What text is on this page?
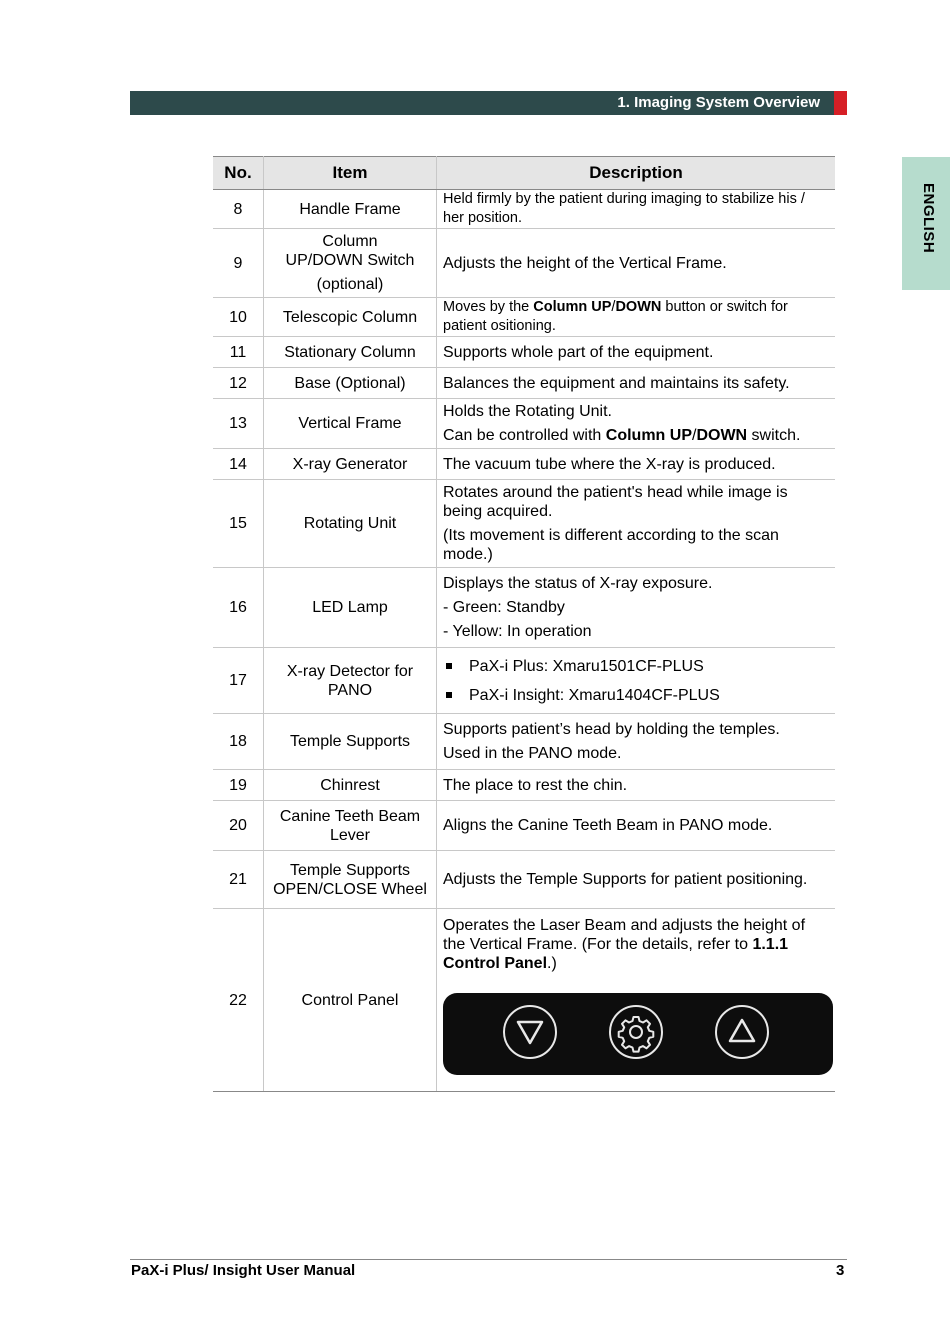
1. Imaging System Overview
ENGLISH
No.	Item	Description
8	Handle Frame	Held firmly by the patient during imaging to stabilize his / her position.
9	Column
UP/DOWN Switch
(optional)	Adjusts the height of the Vertical Frame.
10	Telescopic Column	Moves by the Column UP/DOWN button or switch for patient ositioning.
11	Stationary Column	Supports whole part of the equipment.
12	Base (Optional)	Balances the equipment and maintains its safety.
13	Vertical Frame	Holds the Rotating Unit.
Can be controlled with Column UP/DOWN switch.

14	X-ray Generator	The vacuum tube where the X-ray is produced.
15	Rotating Unit	Rotates around the patient's head while image is being acquired.
(Its movement is different according to the scan mode.)

16	LED Lamp	Displays the status of X-ray exposure.
- Green: Standby
- Yellow: In operation

17	X-ray Detector for PANO	PaX-i Plus: Xmaru1501CF-PLUS
PaX-i Insight: Xmaru1404CF-PLUS

18	Temple Supports	Supports patient’s head by holding the temples.
Used in the PANO mode.

19	Chinrest	The place to rest the chin.
20	Canine Teeth Beam Lever	Aligns the Canine Teeth Beam in PANO mode.
21	Temple Supports OPEN/CLOSE Wheel	Adjusts the Temple Supports for patient positioning.
22	Control Panel	Operates the Laser Beam and adjusts the height of the Vertical Frame. (For the details, refer to 1.1.1 Control Panel.)
PaX-i Plus/ Insight User Manual	3
